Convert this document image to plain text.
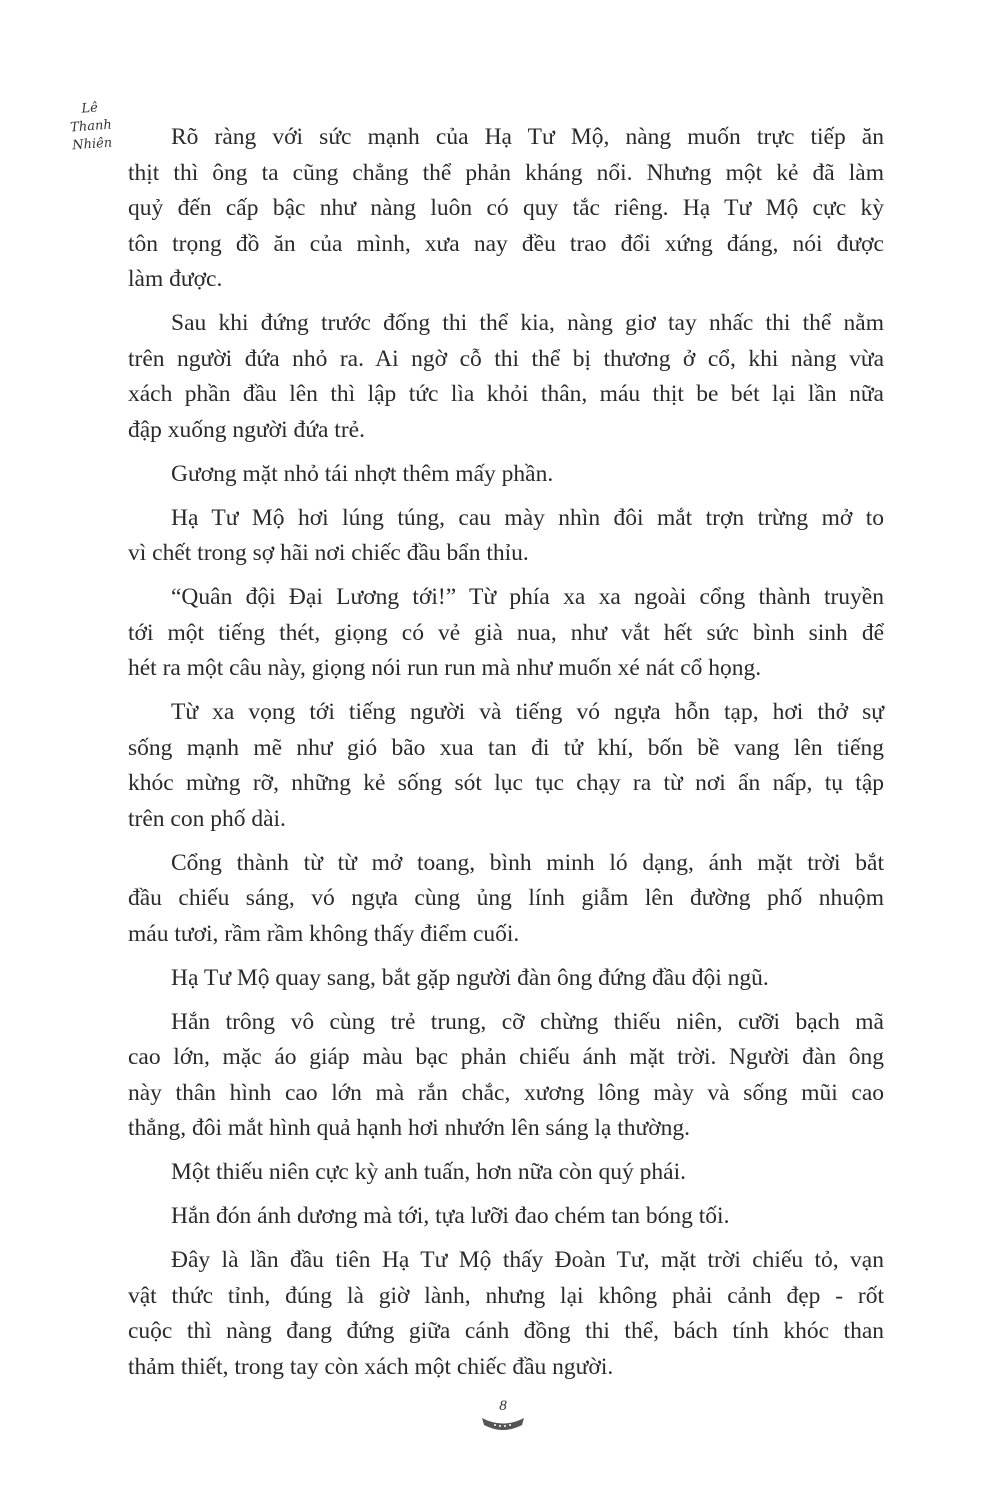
Lê
Thanh
Nhiên	Rõ ràng với sức mạnh của Hạ Tư Mộ, nàng muốn trực tiếp ăn
thịt thì ông ta cũng chẳng thể phản kháng nổi. Nhưng một kẻ đã làm
quỷ đến cấp bậc như nàng luôn có quy tắc riêng. Hạ Tư Mộ cực kỳ
tôn trọng đồ ăn của mình, xưa nay đều trao đổi xứng đáng, nói được
làm được.
Sau khi đứng trước đống thi thể kia, nàng giơ tay nhấc thi thể nằm
trên người đứa nhỏ ra. Ai ngờ cỗ thi thể bị thương ở cổ, khi nàng vừa
xách phần đầu lên thì lập tức lìa khỏi thân, máu thịt be bét lại lần nữa
đập xuống người đứa trẻ.
Gương mặt nhỏ tái nhợt thêm mấy phần.
Hạ Tư Mộ hơi lúng túng, cau mày nhìn đôi mắt trợn trừng mở to
vì chết trong sợ hãi nơi chiếc đầu bẩn thỉu.
“Quân đội Đại Lương tới!” Từ phía xa xa ngoài cổng thành truyền
tới một tiếng thét, giọng có vẻ già nua, như vắt hết sức bình sinh để
hét ra một câu này, giọng nói run run mà như muốn xé nát cổ họng.
Từ xa vọng tới tiếng người và tiếng vó ngựa hỗn tạp, hơi thở sự
sống mạnh mẽ như gió bão xua tan đi tử khí, bốn bề vang lên tiếng
khóc mừng rỡ, những kẻ sống sót lục tục chạy ra từ nơi ẩn nấp, tụ tập
trên con phố dài.
Cổng thành từ từ mở toang, bình minh ló dạng, ánh mặt trời bắt
đầu chiếu sáng, vó ngựa cùng ủng lính giẫm lên đường phố nhuộm
máu tươi, rầm rầm không thấy điểm cuối.
Hạ Tư Mộ quay sang, bắt gặp người đàn ông đứng đầu đội ngũ.
Hắn trông vô cùng trẻ trung, cỡ chừng thiếu niên, cưỡi bạch mã
cao lớn, mặc áo giáp màu bạc phản chiếu ánh mặt trời. Người đàn ông
này thân hình cao lớn mà rắn chắc, xương lông mày và sống mũi cao
thẳng, đôi mắt hình quả hạnh hơi nhướn lên sáng lạ thường.
Một thiếu niên cực kỳ anh tuấn, hơn nữa còn quý phái.
Hắn đón ánh dương mà tới, tựa lưỡi đao chém tan bóng tối.
Đây là lần đầu tiên Hạ Tư Mộ thấy Đoàn Tư, mặt trời chiếu tỏ, vạn
vật thức tỉnh, đúng là giờ lành, nhưng lại không phải cảnh đẹp - rốt
cuộc thì nàng đang đứng giữa cánh đồng thi thể, bách tính khóc than
thảm thiết, trong tay còn xách một chiếc đầu người.
8
